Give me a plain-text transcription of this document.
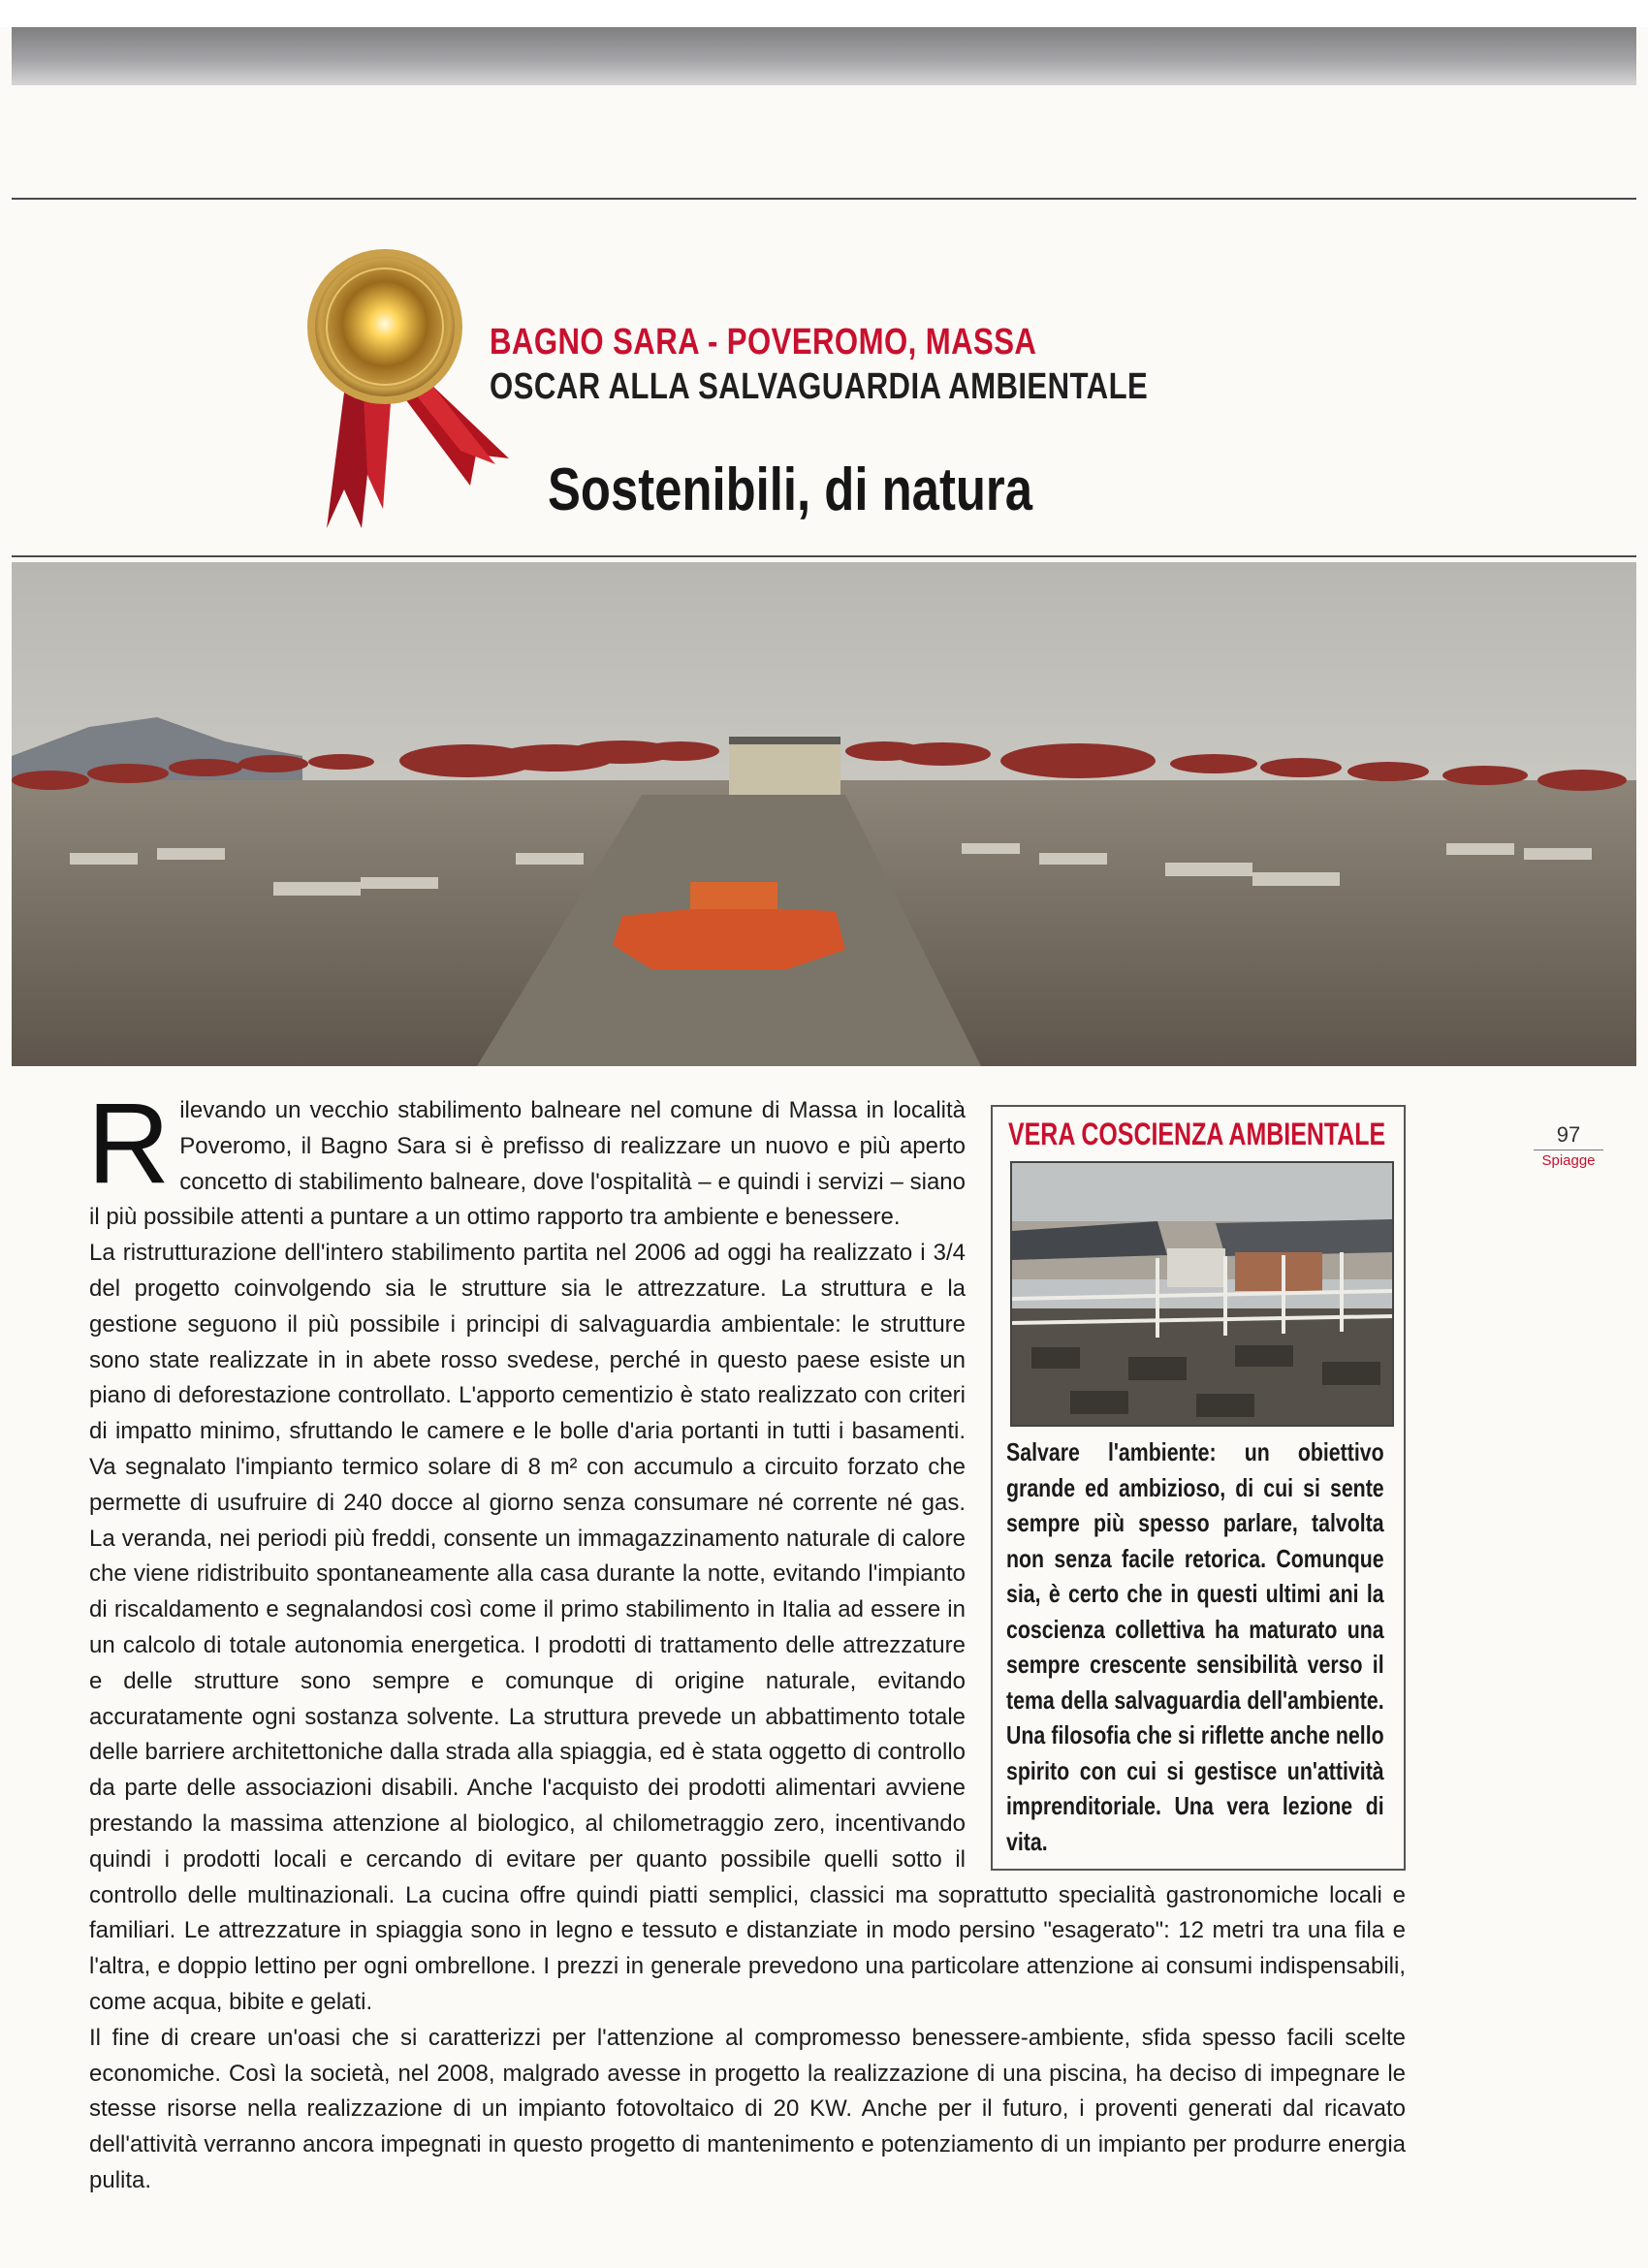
BAGNO SARA - POVEROMO, MASSA
OSCAR ALLA SALVAGUARDIA AMBIENTALE
Sostenibili, di natura
VERA COSCIENZA AMBIENTALE
Salvare l'ambiente: un obiettivo grande ed ambizioso, di cui si sente sempre più spesso parlare, talvolta non senza facile retorica. Comunque sia, è certo che in questi ultimi ani la coscienza collettiva ha maturato una sempre crescente sensibilità verso il tema della salvaguardia dell'ambiente. Una filosofia che si riflette anche nello spirito con cui si gestisce un'attività imprenditoriale. Una vera lezione di vita.

Rilevando un vecchio stabilimento balneare nel comune di Massa in località Poveromo, il Bagno Sara si è prefisso di realizzare un nuovo e più aperto concetto di stabilimento balneare, dove l'ospitalità – e quindi i servizi – siano il più possibile attenti a puntare a un ottimo rapporto tra ambiente e benessere.

La ristrutturazione dell'intero stabilimento partita nel 2006 ad oggi ha realizzato i 3/4 del progetto coinvolgendo sia le strutture sia le attrezzature. La struttura e la gestione seguono il più possibile i principi di salvaguardia ambientale: le strutture sono state realizzate in in abete rosso svedese, perché in questo paese esiste un piano di deforestazione controllato. L'apporto cementizio è stato realizzato con criteri di impatto minimo, sfruttando le camere e le bolle d'aria portanti in tutti i basamenti. Va segnalato l'impianto termico solare di 8 m² con accumulo a circuito forzato che permette di usufruire di 240 docce al giorno senza consumare né corrente né gas. La veranda, nei periodi più freddi, consente un immagazzinamento naturale di calore che viene ridistribuito spontaneamente alla casa durante la notte, evitando l'impianto di riscaldamento e segnalandosi così come il primo stabilimento in Italia ad essere in un calcolo di totale autonomia energetica. I prodotti di trattamento delle attrezzature e delle strutture sono sempre e comunque di origine naturale, evitando accuratamente ogni sostanza solvente. La struttura prevede un abbattimento totale delle barriere architettoniche dalla strada alla spiaggia, ed è stata oggetto di controllo da parte delle associazioni disabili. Anche l'acquisto dei prodotti alimentari avviene prestando la massima attenzione al biologico, al chilometraggio zero, incentivando quindi i prodotti locali e cercando di evitare per quanto possibile quelli sotto il controllo delle multinazionali. La cucina offre quindi piatti semplici, classici ma soprattutto specialità gastronomiche locali e familiari. Le attrezzature in spiaggia sono in legno e tessuto e distanziate in modo persino "esagerato": 12 metri tra una fila e l'altra, e doppio lettino per ogni ombrellone. I prezzi in generale prevedono una particolare attenzione ai consumi indispensabili, come acqua, bibite e gelati.

Il fine di creare un'oasi che si caratterizzi per l'attenzione al compromesso benessere-ambiente, sfida spesso facili scelte economiche. Così la società, nel 2008, malgrado avesse in progetto la realizzazione di una piscina, ha deciso di impegnare le stesse risorse nella realizzazione di un impianto fotovoltaico di 20 KW. Anche per il futuro, i proventi generati dal ricavato dell'attività verranno ancora impegnati in questo progetto di mantenimento e potenziamento di un impianto per produrre energia pulita.

97
Spiagge
